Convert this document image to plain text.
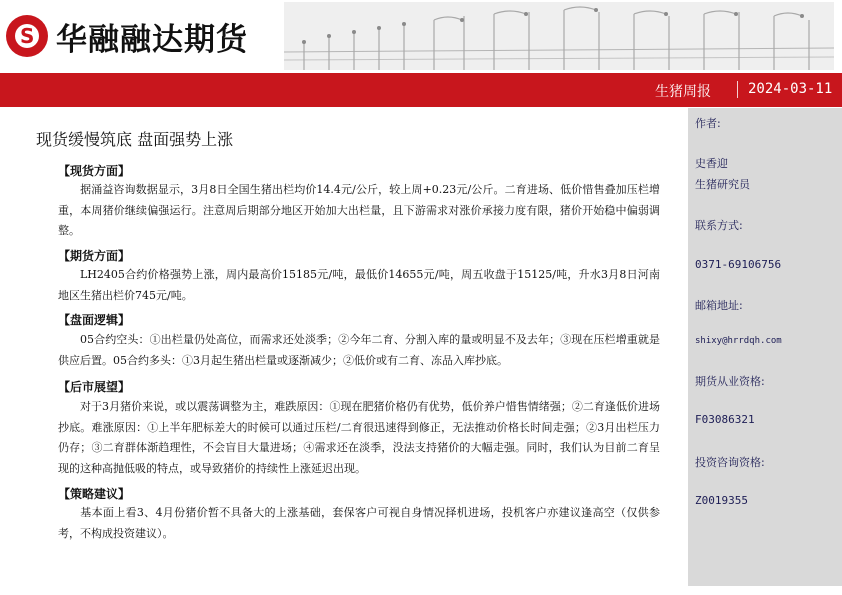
S 华融融达期货
生猪周报	2024-03-11
作者:
史香迎
生猪研究员
联系方式:
0371-69106756
邮箱地址:
shixy@hrrdqh.com
期货从业资格:
F03086321
投资咨询资格:
Z0019355
现货缓慢筑底 盘面强势上涨
【现货方面】
据涌益咨询数据显示，3月8日全国生猪出栏均价14.4元/公斤，较上周+0.23元/公斤。二育进场、低价惜售叠加压栏增重，本周猪价继续偏强运行。注意周后期部分地区开始加大出栏量，且下游需求对涨价承接力度有限，猪价开始稳中偏弱调整。
【期货方面】
LH2405合约价格强势上涨，周内最高价15185元/吨，最低价14655元/吨，周五收盘于15125/吨，升水3月8日河南地区生猪出栏价745元/吨。
【盘面逻辑】
05合约空头：①出栏量仍处高位，而需求还处淡季；②今年二育、分割入库的量或明显不及去年；③现在压栏增重就是供应后置。05合约多头：①3月起生猪出栏量或逐渐减少；②低价或有二育、冻品入库抄底。
【后市展望】
对于3月猪价来说，或以震荡调整为主，难跌原因：①现在肥猪价格仍有优势，低价养户惜售情绪强；②二育逢低价进场抄底。难涨原因：①上半年肥标差大的时候可以通过压栏/二育很迅速得到修正，无法推动价格长时间走强；②3月出栏压力仍存；③二育群体渐趋理性，不会盲目大量进场；④需求还在淡季，没法支持猪价的大幅走强。同时，我们认为目前二育呈现的这种高抛低吸的特点，或导致猪价的持续性上涨延迟出现。
【策略建议】
基本面上看3、4月份猪价暂不具备大的上涨基础，套保客户可视自身情况择机进场，投机客户亦建议逢高空（仅供参考，不构成投资建议）。
